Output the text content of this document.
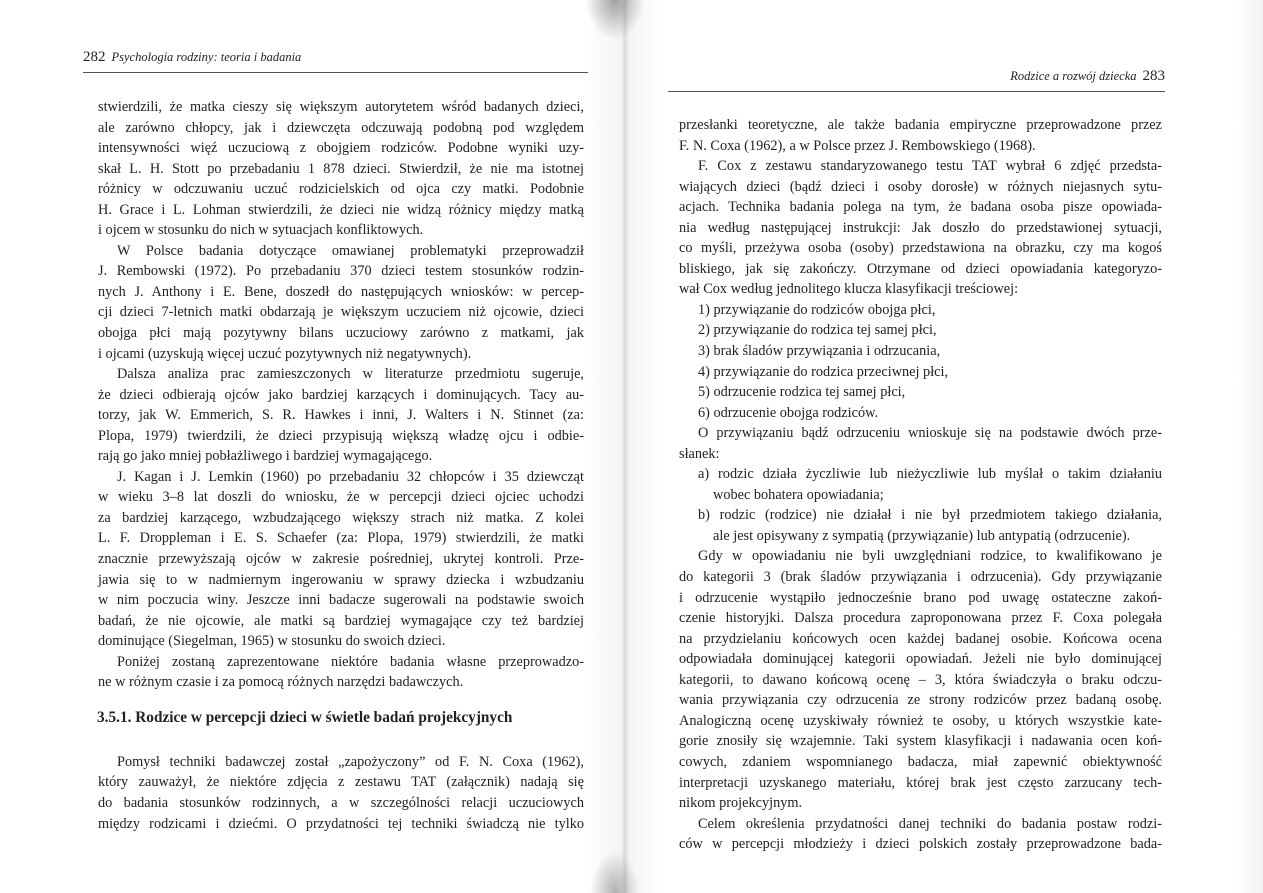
282 Psychologia rodziny: teoria i badania
stwierdzili, że matka cieszy się większym autorytetem wśród badanych dzieci,
ale zarówno chłopcy, jak i dziewczęta odczuwają podobną pod względem
intensywności więź uczuciową z obojgiem rodziców. Podobne wyniki uzy-
skał L. H. Stott po przebadaniu 1 878 dzieci. Stwierdził, że nie ma istotnej
różnicy w odczuwaniu uczuć rodzicielskich od ojca czy matki. Podobnie
H. Grace i L. Lohman stwierdzili, że dzieci nie widzą różnicy między matką
i ojcem w stosunku do nich w sytuacjach konfliktowych.
W Polsce badania dotyczące omawianej problematyki przeprowadził
J. Rembowski (1972). Po przebadaniu 370 dzieci testem stosunków rodzin-
nych J. Anthony i E. Bene, doszedł do następujących wniosków: w percep-
cji dzieci 7-letnich matki obdarzają je większym uczuciem niż ojcowie, dzieci
obojga płci mają pozytywny bilans uczuciowy zarówno z matkami, jak
i ojcami (uzyskują więcej uczuć pozytywnych niż negatywnych).
Dalsza analiza prac zamieszczonych w literaturze przedmiotu sugeruje,
że dzieci odbierają ojców jako bardziej karzących i dominujących. Tacy au-
torzy, jak W. Emmerich, S. R. Hawkes i inni, J. Walters i N. Stinnet (za:
Plopa, 1979) twierdzili, że dzieci przypisują większą władzę ojcu i odbie-
rają go jako mniej pobłażliwego i bardziej wymagającego.
J. Kagan i J. Lemkin (1960) po przebadaniu 32 chłopców i 35 dziewcząt
w wieku 3–8 lat doszli do wniosku, że w percepcji dzieci ojciec uchodzi
za bardziej karzącego, wzbudzającego większy strach niż matka. Z kolei
L. F. Droppleman i E. S. Schaefer (za: Plopa, 1979) stwierdzili, że matki
znacznie przewyższają ojców w zakresie pośredniej, ukrytej kontroli. Prze-
jawia się to w nadmiernym ingerowaniu w sprawy dziecka i wzbudzaniu
w nim poczucia winy. Jeszcze inni badacze sugerowali na podstawie swoich
badań, że nie ojcowie, ale matki są bardziej wymagające czy też bardziej
dominujące (Siegelman, 1965) w stosunku do swoich dzieci.
Poniżej zostaną zaprezentowane niektóre badania własne przeprowadzo-
ne w różnym czasie i za pomocą różnych narzędzi badawczych.
3.5.1. Rodzice w percepcji dzieci w świetle badań projekcyjnych
Pomysł techniki badawczej został „zapożyczony” od F. N. Coxa (1962),
który zauważył, że niektóre zdjęcia z zestawu TAT (załącznik) nadają się
do badania stosunków rodzinnych, a w szczególności relacji uczuciowych
między rodzicami i dziećmi. O przydatności tej techniki świadczą nie tylko
Rodzice a rozwój dziecka 283
przesłanki teoretyczne, ale także badania empiryczne przeprowadzone przez
F. N. Coxa (1962), a w Polsce przez J. Rembowskiego (1968).
F. Cox z zestawu standaryzowanego testu TAT wybrał 6 zdjęć przedsta-
wiających dzieci (bądź dzieci i osoby dorosłe) w różnych niejasnych sytu-
acjach. Technika badania polega na tym, że badana osoba pisze opowiada-
nia według następującej instrukcji: Jak doszło do przedstawionej sytuacji,
co myśli, przeżywa osoba (osoby) przedstawiona na obrazku, czy ma kogoś
bliskiego, jak się zakończy. Otrzymane od dzieci opowiadania kategoryzo-
wał Cox według jednolitego klucza klasyfikacji treściowej:
1) przywiązanie do rodziców obojga płci,
2) przywiązanie do rodzica tej samej płci,
3) brak śladów przywiązania i odrzucania,
4) przywiązanie do rodzica przeciwnej płci,
5) odrzucenie rodzica tej samej płci,
6) odrzucenie obojga rodziców.
O przywiązaniu bądź odrzuceniu wnioskuje się na podstawie dwóch prze-
słanek:
a) rodzic działa życzliwie lub nieżyczliwie lub myślał o takim działaniu
wobec bohatera opowiadania;
b) rodzic (rodzice) nie działał i nie był przedmiotem takiego działania,
ale jest opisywany z sympatią (przywiązanie) lub antypatią (odrzucenie).
Gdy w opowiadaniu nie byli uwzględniani rodzice, to kwalifikowano je
do kategorii 3 (brak śladów przywiązania i odrzucenia). Gdy przywiązanie
i odrzucenie wystąpiło jednocześnie brano pod uwagę ostateczne zakoń-
czenie historyjki. Dalsza procedura zaproponowana przez F. Coxa polegała
na przydzielaniu końcowych ocen każdej badanej osobie. Końcowa ocena
odpowiadała dominującej kategorii opowiadań. Jeżeli nie było dominującej
kategorii, to dawano końcową ocenę – 3, która świadczyła o braku odczu-
wania przywiązania czy odrzucenia ze strony rodziców przez badaną osobę.
Analogiczną ocenę uzyskiwały również te osoby, u których wszystkie kate-
gorie znosiły się wzajemnie. Taki system klasyfikacji i nadawania ocen koń-
cowych, zdaniem wspomnianego badacza, miał zapewnić obiektywność
interpretacji uzyskanego materiału, której brak jest często zarzucany tech-
nikom projekcyjnym.
Celem określenia przydatności danej techniki do badania postaw rodzi-
ców w percepcji młodzieży i dzieci polskich zostały przeprowadzone bada-
